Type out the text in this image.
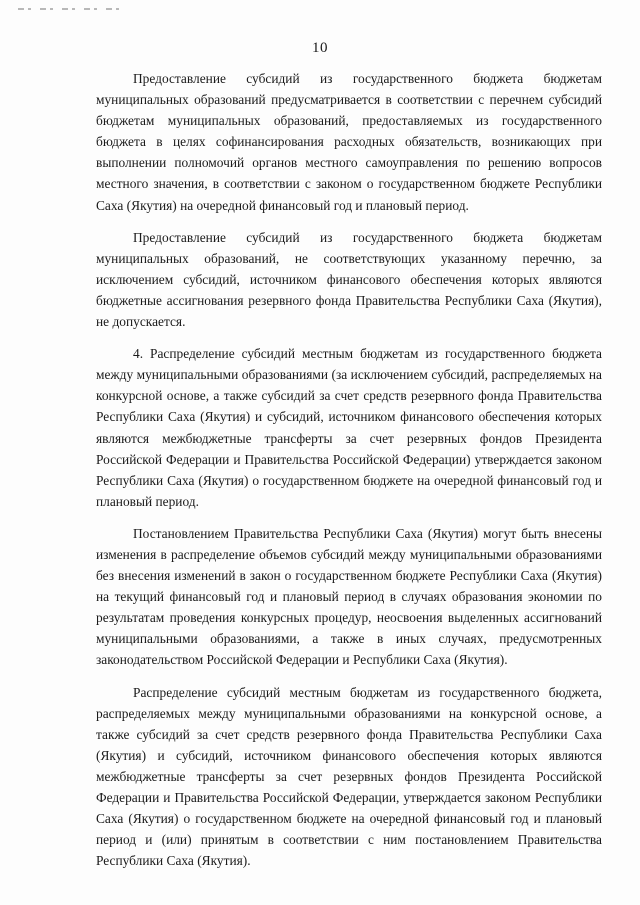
10

Предоставление субсидий из государственного бюджета бюджетам муниципальных образований предусматривается в соответствии с перечнем субсидий бюджетам муниципальных образований, предоставляемых из государственного бюджета в целях софинансирования расходных обязательств, возникающих при выполнении полномочий органов местного самоуправления по решению вопросов местного значения, в соответствии с законом о государственном бюджете Республики Саха (Якутия) на очередной финансовый год и плановый период.

Предоставление субсидий из государственного бюджета бюджетам муниципальных образований, не соответствующих указанному перечню, за исключением субсидий, источником финансового обеспечения которых являются бюджетные ассигнования резервного фонда Правительства Республики Саха (Якутия), не допускается.

4. Распределение субсидий местным бюджетам из государственного бюджета между муниципальными образованиями (за исключением субсидий, распределяемых на конкурсной основе, а также субсидий за счет средств резервного фонда Правительства Республики Саха (Якутия) и субсидий, источником финансового обеспечения которых являются межбюджетные трансферты за счет резервных фондов Президента Российской Федерации и Правительства Российской Федерации) утверждается законом Республики Саха (Якутия) о государственном бюджете на очередной финансовый год и плановый период.

Постановлением Правительства Республики Саха (Якутия) могут быть внесены изменения в распределение объемов субсидий между муниципальными образованиями без внесения изменений в закон о государственном бюджете Республики Саха (Якутия) на текущий финансовый год и плановый период в случаях образования экономии по результатам проведения конкурсных процедур, неосвоения выделенных ассигнований муниципальными образованиями, а также в иных случаях, предусмотренных законодательством Российской Федерации и Республики Саха (Якутия).

Распределение субсидий местным бюджетам из государственного бюджета, распределяемых между муниципальными образованиями на конкурсной основе, а также субсидий за счет средств резервного фонда Правительства Республики Саха (Якутия) и субсидий, источником финансового обеспечения которых являются межбюджетные трансферты за счет резервных фондов Президента Российской Федерации и Правительства Российской Федерации, утверждается законом Республики Саха (Якутия) о государственном бюджете на очередной финансовый год и плановый период и (или) принятым в соответствии с ним постановлением Правительства Республики Саха (Якутия).
